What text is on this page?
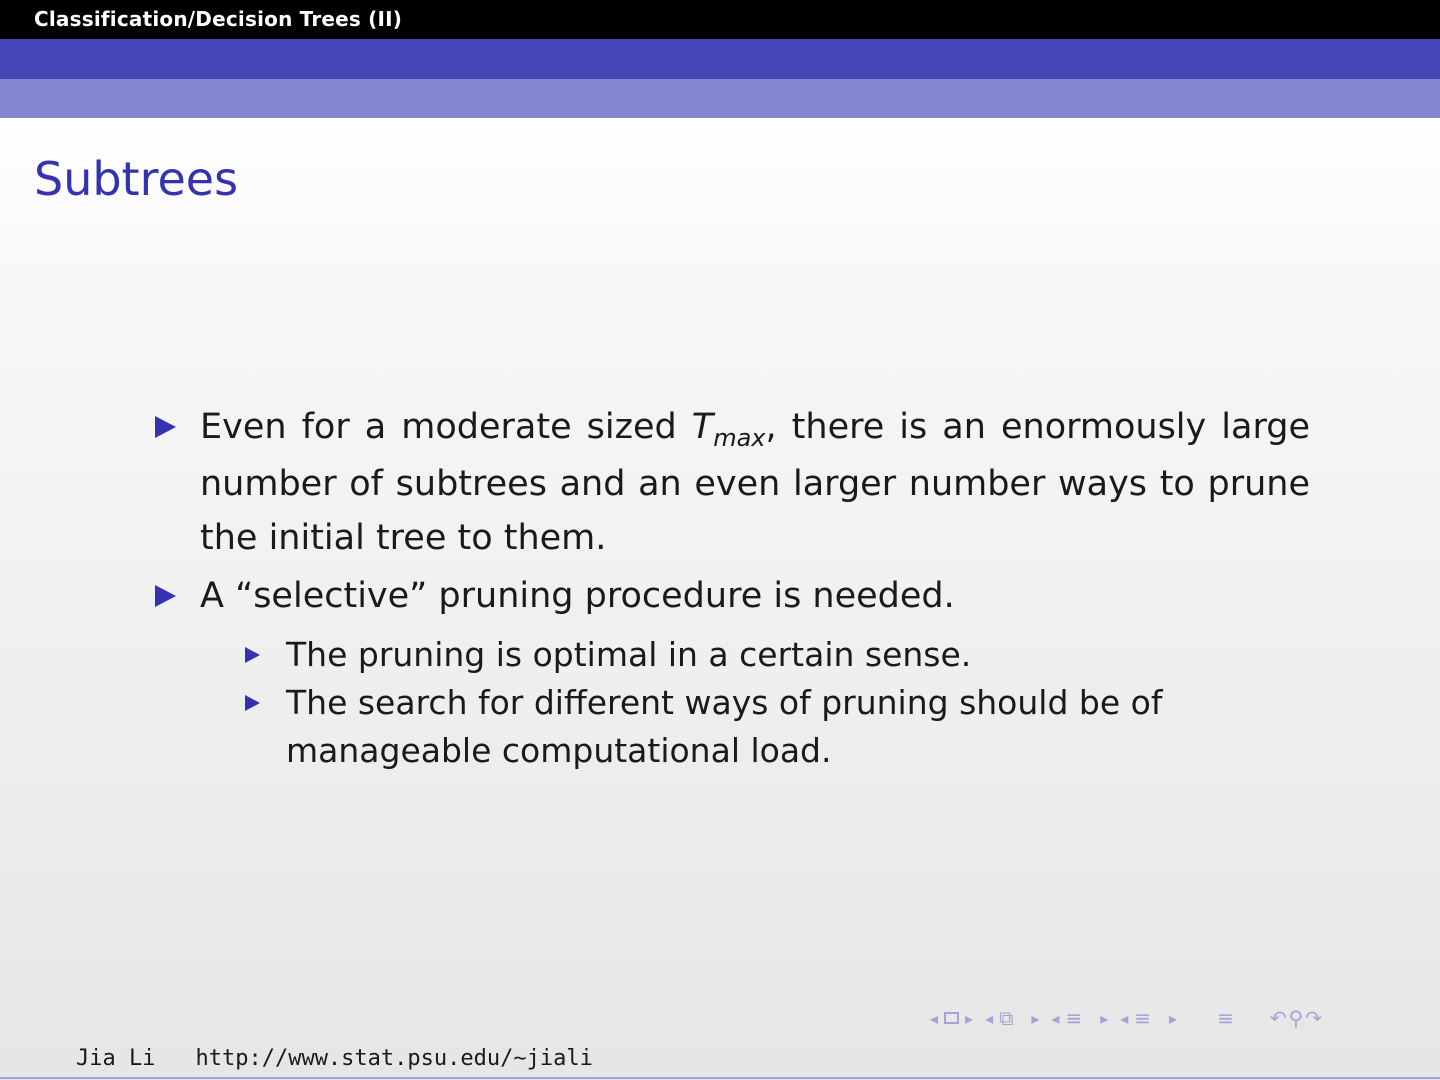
Classification/Decision Trees (II)
Subtrees
Even for a moderate sized $T_{max}$, there is an enormously large number of subtrees and an even larger number ways to prune the initial tree to them.
A “selective” pruning procedure is needed.
The pruning is optimal in a certain sense.
The search for different ways of pruning should be of manageable computational load.
◂ ▸ ◂ ⧉ ▸ ◂ ≡ ▸ ◂ ≡ ▸ ≡ ↶ ⚲ ↷
Jia Li http://www.stat.psu.edu/∼jiali
